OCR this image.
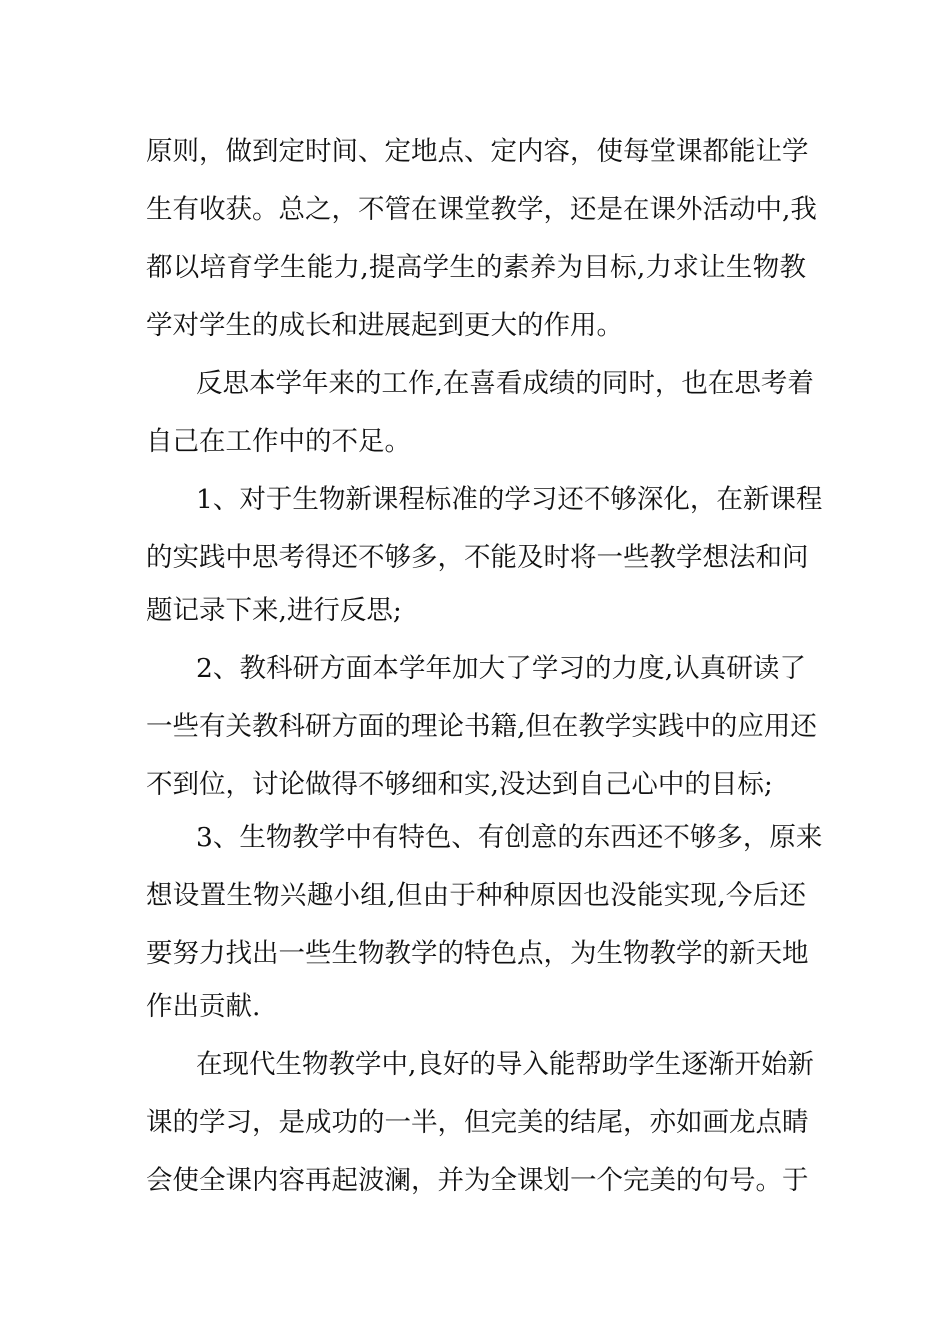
原则，做到定时间、定地点、定内容，使每堂课都能让学

生有收获。总之，不管在课堂教学，还是在课外活动中,我

都以培育学生能力,提高学生的素养为目标,力求让生物教

学对学生的成长和进展起到更大的作用。

反思本学年来的工作,在喜看成绩的同时，也在思考着

自己在工作中的不足。

1、对于生物新课程标准的学习还不够深化，在新课程

的实践中思考得还不够多，不能及时将一些教学想法和问

题记录下来,进行反思;

2、教科研方面本学年加大了学习的力度,认真研读了

一些有关教科研方面的理论书籍,但在教学实践中的应用还

不到位，讨论做得不够细和实,没达到自己心中的目标;

3、生物教学中有特色、有创意的东西还不够多，原来

想设置生物兴趣小组,但由于种种原因也没能实现,今后还

要努力找出一些生物教学的特色点，为生物教学的新天地

作出贡献.

在现代生物教学中,良好的导入能帮助学生逐渐开始新

课的学习，是成功的一半，但完美的结尾，亦如画龙点睛

会使全课内容再起波澜，并为全课划一个完美的句号。于
